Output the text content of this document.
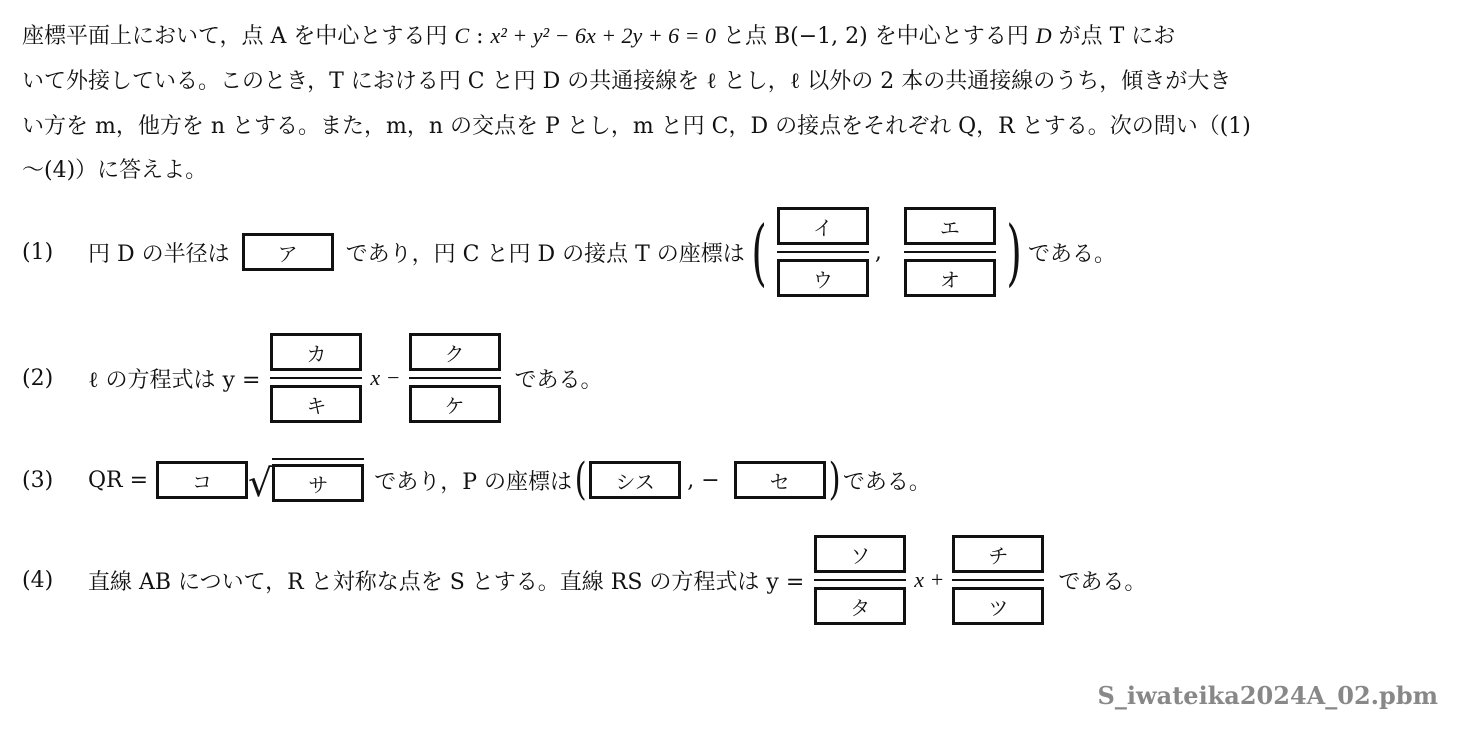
座標平面上において，点 A を中心とする円 C : x² + y² − 6x + 2y + 6 = 0 と点 B(−1, 2) を中心とする円 D が点 T にお
いて外接している。このとき，T における円 C と円 D の共通接線を ℓ とし，ℓ 以外の 2 本の共通接線のうち，傾きが大き
い方を m，他方を n とする。また，m，n の交点を P とし，m と円 C，D の接点をそれぞれ Q，R とする。次の問い（(1)
〜(4)）に答えよ。
(1)	円 D の半径は	ア	であり，円 C と円 D の接点 T の座標は ( $\frac{\text{イ}}{\text{ウ}}$ , $\frac{\text{エ}}{\text{オ}}$ ) である。
(2)	ℓ の方程式は $y = \frac{\text{カ}}{\text{キ}}$ $x - \frac{\text{ク}}{\text{ケ}}$ である。
(3)	QR =	コ √	サ	であり，P の座標は (	シス	, −	セ ) である。
(4)	直線 AB について，R と対称な点を S とする。直線 RS の方程式は $y = \frac{\text{ソ}}{\text{タ}}$ $x + \frac{\text{チ}}{\text{ツ}}$ である。
S_iwateika2024A_02.pbm
